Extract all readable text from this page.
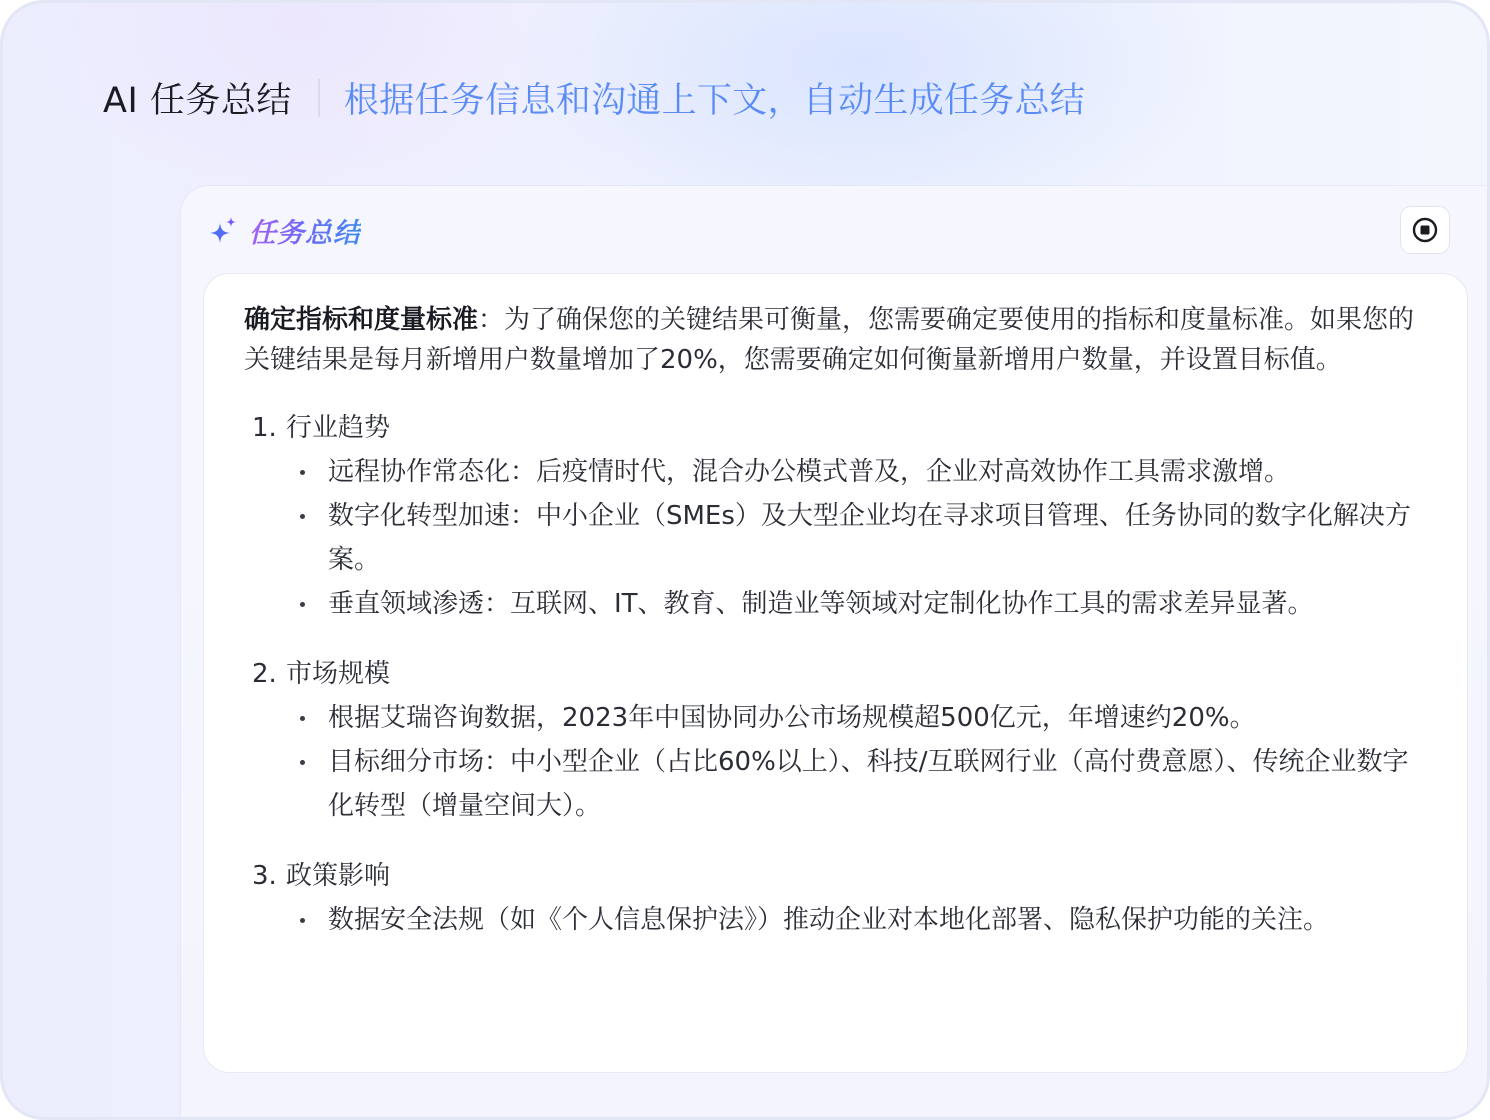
AI 任务总结 根据任务信息和沟通上下文，自动生成任务总结
任务总结

确定指标和度量标准：为了确保您的关键结果可衡量，您需要确定要使用的指标和度量标准。如果您的关键结果是每月新增用户数量增加了20%，您需要确定如何衡量新增用户数量，并设置目标值。

1. 行业趋势
远程协作常态化：后疫情时代，混合办公模式普及，企业对高效协作工具需求激增。
数字化转型加速：中小企业（SMEs）及大型企业均在寻求项目管理、任务协同的数字化解决方案。
垂直领域渗透：互联网、IT、教育、制造业等领域对定制化协作工具的需求差异显著。
2. 市场规模
根据艾瑞咨询数据，2023年中国协同办公市场规模超500亿元，年增速约20%。
目标细分市场：中小型企业（占比60%以上）、科技/互联网行业（高付费意愿）、传统企业数字化转型（增量空间大）。
3. 政策影响
数据安全法规（如《个人信息保护法》）推动企业对本地化部署、隐私保护功能的关注。
